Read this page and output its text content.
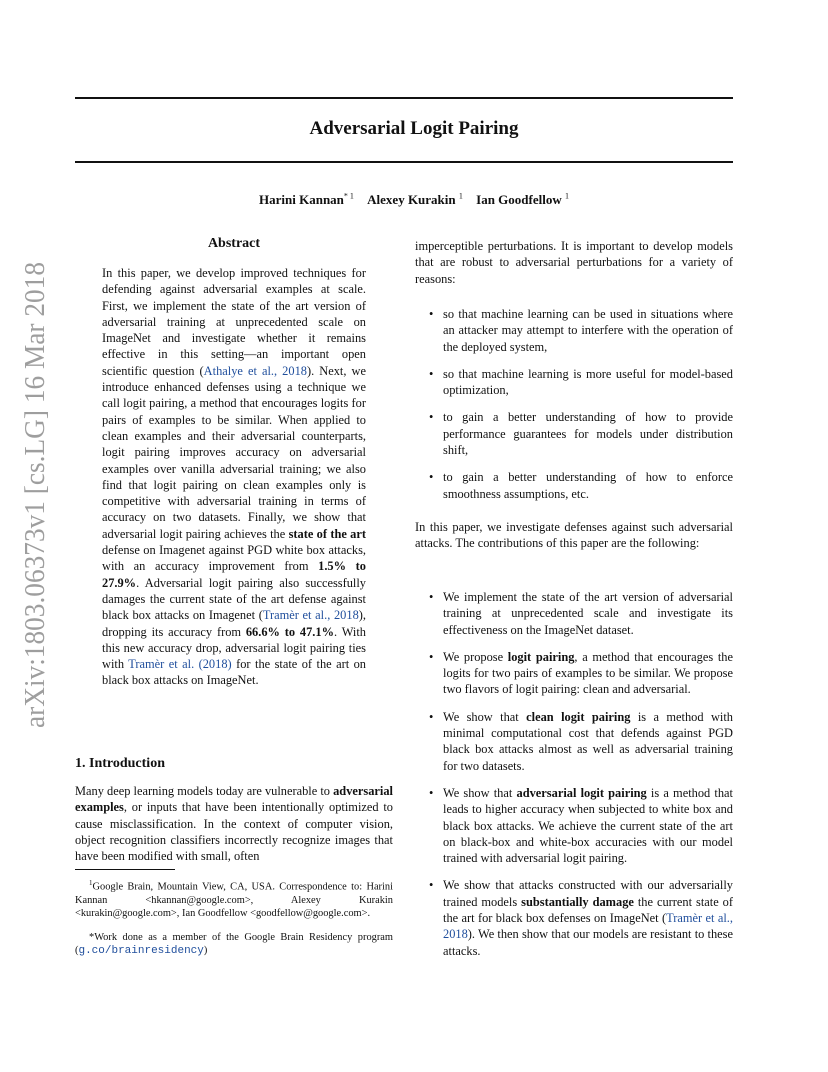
arXiv:1803.06373v1 [cs.LG] 16 Mar 2018
Adversarial Logit Pairing
Harini Kannan$^{* 1}$ Alexey Kurakin $^1$ Ian Goodfellow $^1$
Abstract

In this paper, we develop improved techniques for defending against adversarial examples at scale. First, we implement the state of the art version of adversarial training at unprecedented scale on ImageNet and investigate whether it remains effective in this setting—an important open scientific question (Athalye et al., 2018). Next, we introduce enhanced defenses using a technique we call logit pairing, a method that encourages logits for pairs of examples to be similar. When applied to clean examples and their adversarial counterparts, logit pairing improves accuracy on adversarial examples over vanilla adversarial training; we also find that logit pairing on clean examples only is competitive with adversarial training in terms of accuracy on two datasets. Finally, we show that adversarial logit pairing achieves the state of the art defense on Imagenet against PGD white box attacks, with an accuracy improvement from 1.5% to 27.9%. Adversarial logit pairing also successfully damages the current state of the art defense against black box attacks on Imagenet (Tramèr et al., 2018), dropping its accuracy from 66.6% to 47.1%. With this new accuracy drop, adversarial logit pairing ties with Tramèr et al. (2018) for the state of the art on black box attacks on ImageNet.

1. Introduction

Many deep learning models today are vulnerable to adversarial examples, or inputs that have been intentionally optimized to cause misclassification. In the context of computer vision, object recognition classifiers incorrectly recognize images that have been modified with small, often

$^1$Google Brain, Mountain View, CA, USA. Correspondence to: Harini Kannan <hkannan@google.com>, Alexey Kurakin <kurakin@google.com>, Ian Goodfellow <goodfellow@google.com>.

*Work done as a member of the Google Brain Residency program (g.co/brainresidency)

imperceptible perturbations. It is important to develop models that are robust to adversarial perturbations for a variety of reasons:

• so that machine learning can be used in situations where an attacker may attempt to interfere with the operation of the deployed system,
• so that machine learning is more useful for model-based optimization,
• to gain a better understanding of how to provide performance guarantees for models under distribution shift,
• to gain a better understanding of how to enforce smoothness assumptions, etc.

In this paper, we investigate defenses against such adversarial attacks. The contributions of this paper are the following:

• We implement the state of the art version of adversarial training at unprecedented scale and investigate its effectiveness on the ImageNet dataset.
• We propose logit pairing, a method that encourages the logits for two pairs of examples to be similar. We propose two flavors of logit pairing: clean and adversarial.
• We show that clean logit pairing is a method with minimal computational cost that defends against PGD black box attacks almost as well as adversarial training for two datasets.
• We show that adversarial logit pairing is a method that leads to higher accuracy when subjected to white box and black box attacks. We achieve the current state of the art on black-box and white-box accuracies with our model trained with adversarial logit pairing.
• We show that attacks constructed with our adversarially trained models substantially damage the current state of the art for black box defenses on ImageNet (Tramèr et al., 2018). We then show that our models are resistant to these attacks.
